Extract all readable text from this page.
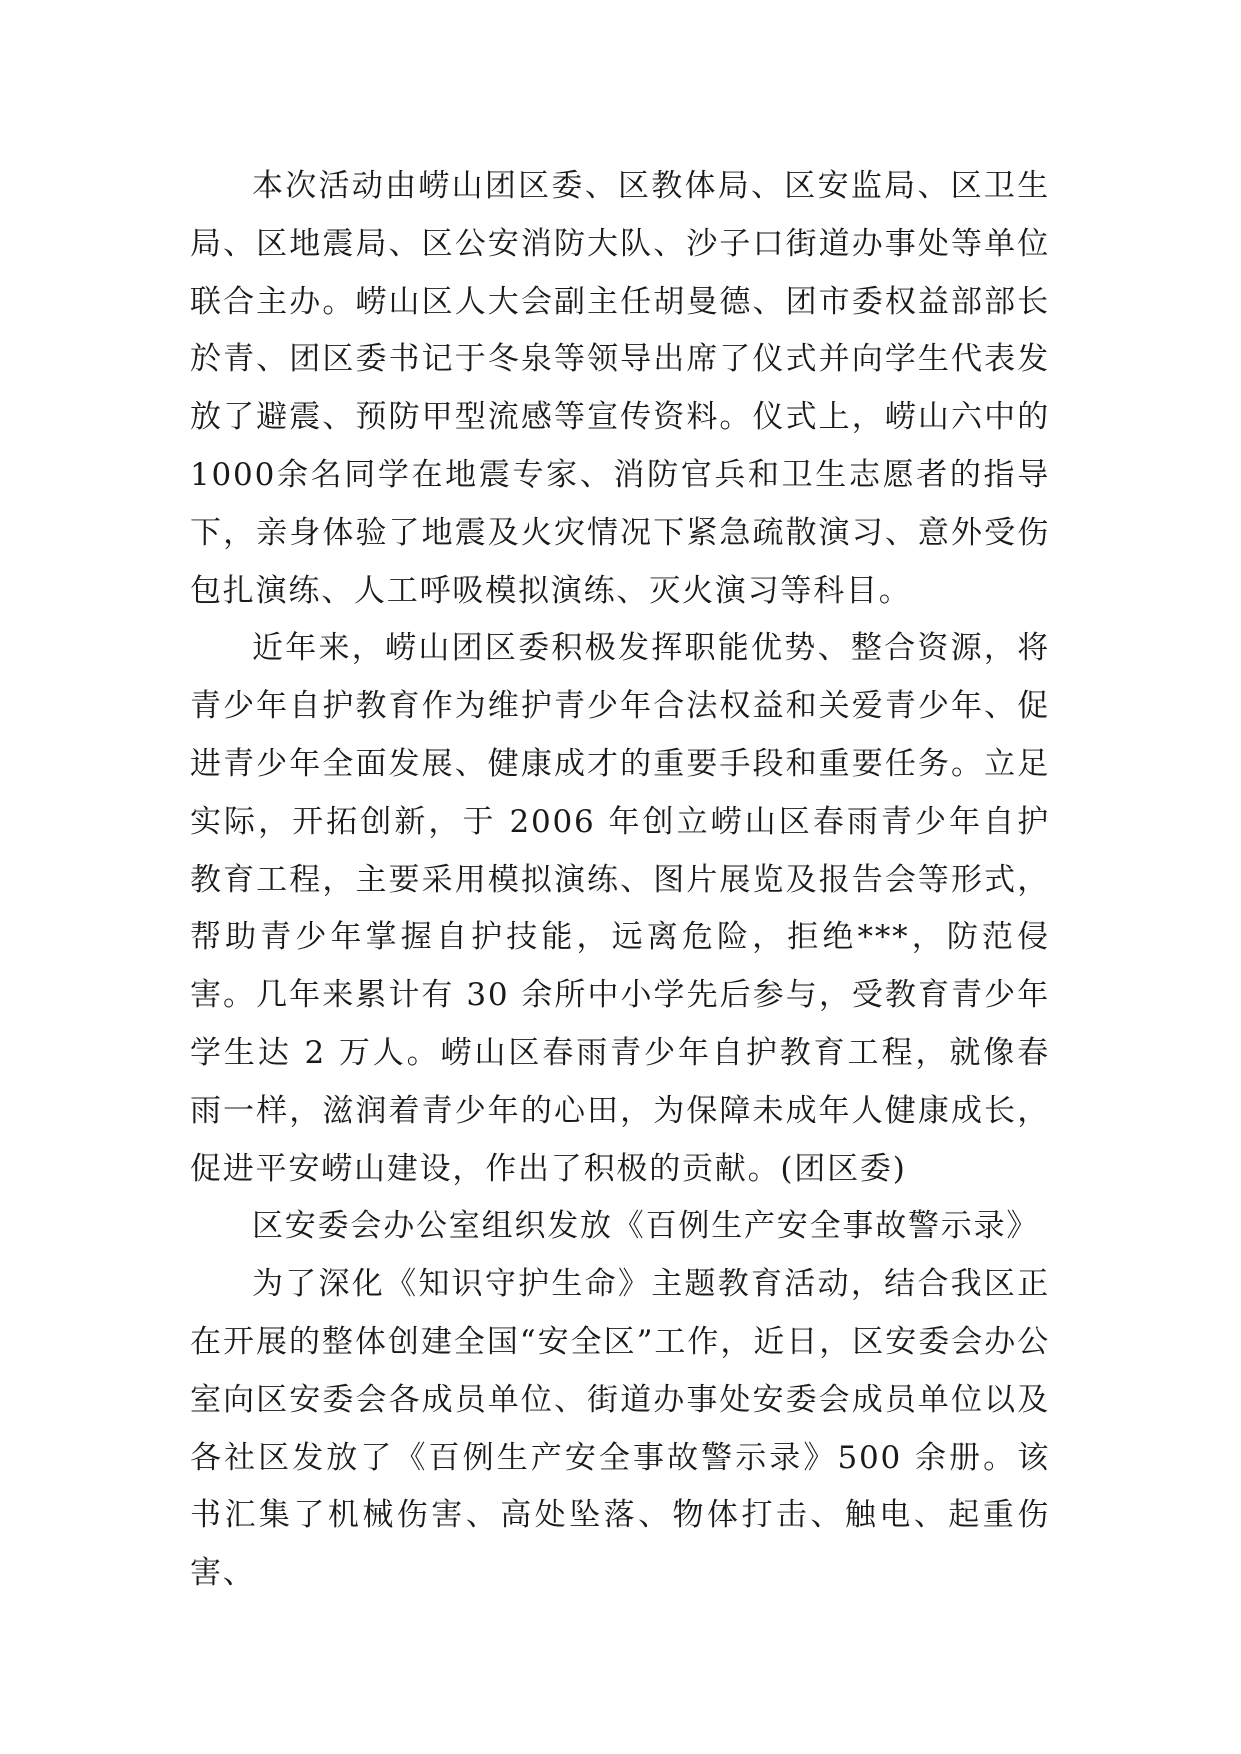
本次活动由崂山团区委、区教体局、区安监局、区卫生局、区地震局、区公安消防大队、沙子口街道办事处等单位联合主办。崂山区人大会副主任胡曼德、团市委权益部部长於青、团区委书记于冬泉等领导出席了仪式并向学生代表发放了避震、预防甲型流感等宣传资料。仪式上，崂山六中的1000余名同学在地震专家、消防官兵和卫生志愿者的指导下，亲身体验了地震及火灾情况下紧急疏散演习、意外受伤包扎演练、人工呼吸模拟演练、灭火演习等科目。

近年来，崂山团区委积极发挥职能优势、整合资源，将青少年自护教育作为维护青少年合法权益和关爱青少年、促进青少年全面发展、健康成才的重要手段和重要任务。立足实际，开拓创新，于 2006 年创立崂山区春雨青少年自护教育工程，主要采用模拟演练、图片展览及报告会等形式，帮助青少年掌握自护技能，远离危险，拒绝***，防范侵害。几年来累计有 30 余所中小学先后参与，受教育青少年学生达 2 万人。崂山区春雨青少年自护教育工程，就像春雨一样，滋润着青少年的心田，为保障未成年人健康成长，促进平安崂山建设，作出了积极的贡献。(团区委)

区安委会办公室组织发放《百例生产安全事故警示录》

为了深化《知识守护生命》主题教育活动，结合我区正在开展的整体创建全国“安全区”工作，近日，区安委会办公室向区安委会各成员单位、街道办事处安委会成员单位以及各社区发放了《百例生产安全事故警示录》500 余册。该书汇集了机械伤害、高处坠落、物体打击、触电、起重伤害、
